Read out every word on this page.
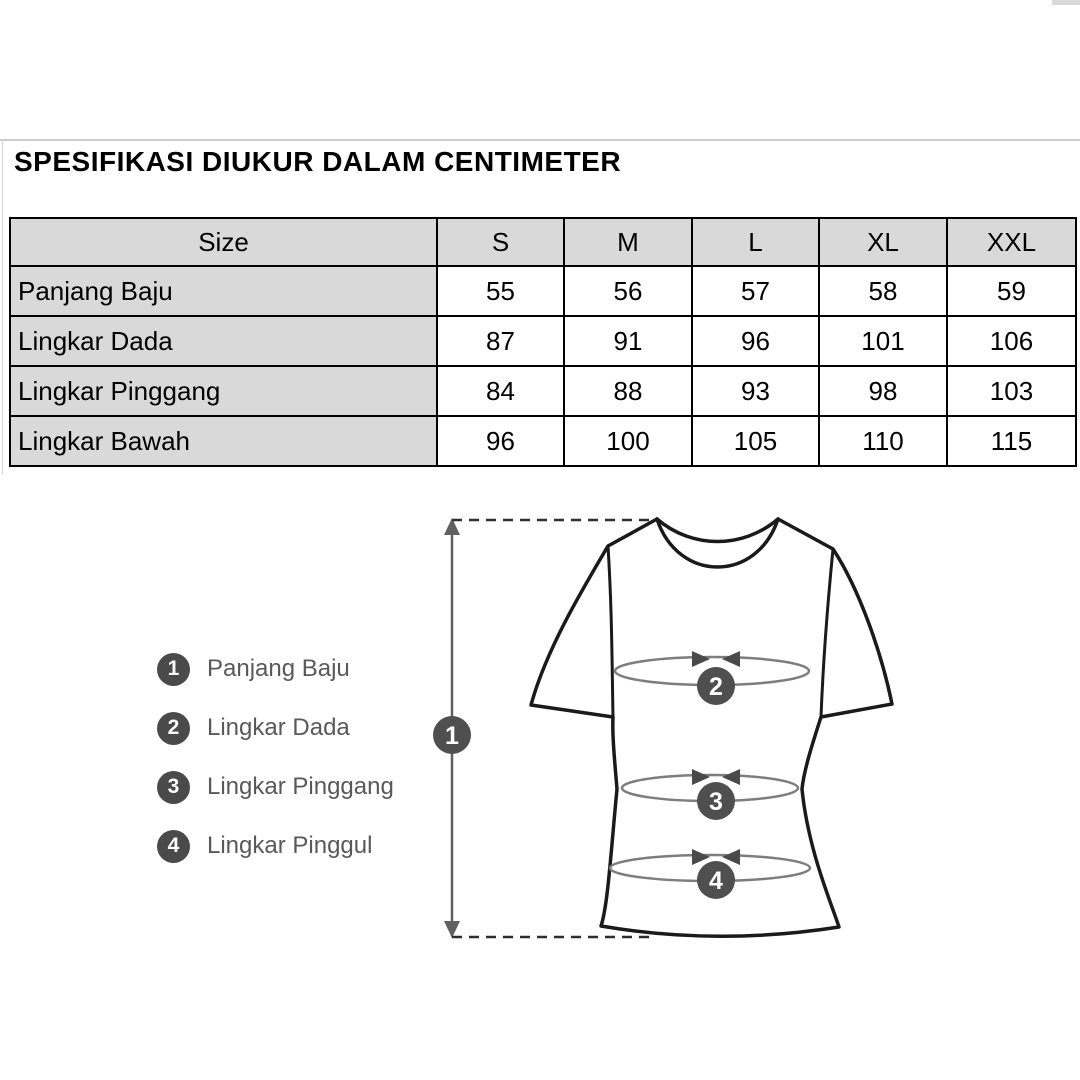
SPESIFIKASI DIUKUR DALAM CENTIMETER
Size	S	M	L	XL	XXL
Panjang Baju	55	56	57	58	59
Lingkar Dada	87	91	96	101	106
Lingkar Pinggang	84	88	93	98	103
Lingkar Bawah	96	100	105	110	115
1
2
3
4
1	Panjang Baju
2	Lingkar Dada
3	Lingkar Pinggang
4	Lingkar Pinggul
